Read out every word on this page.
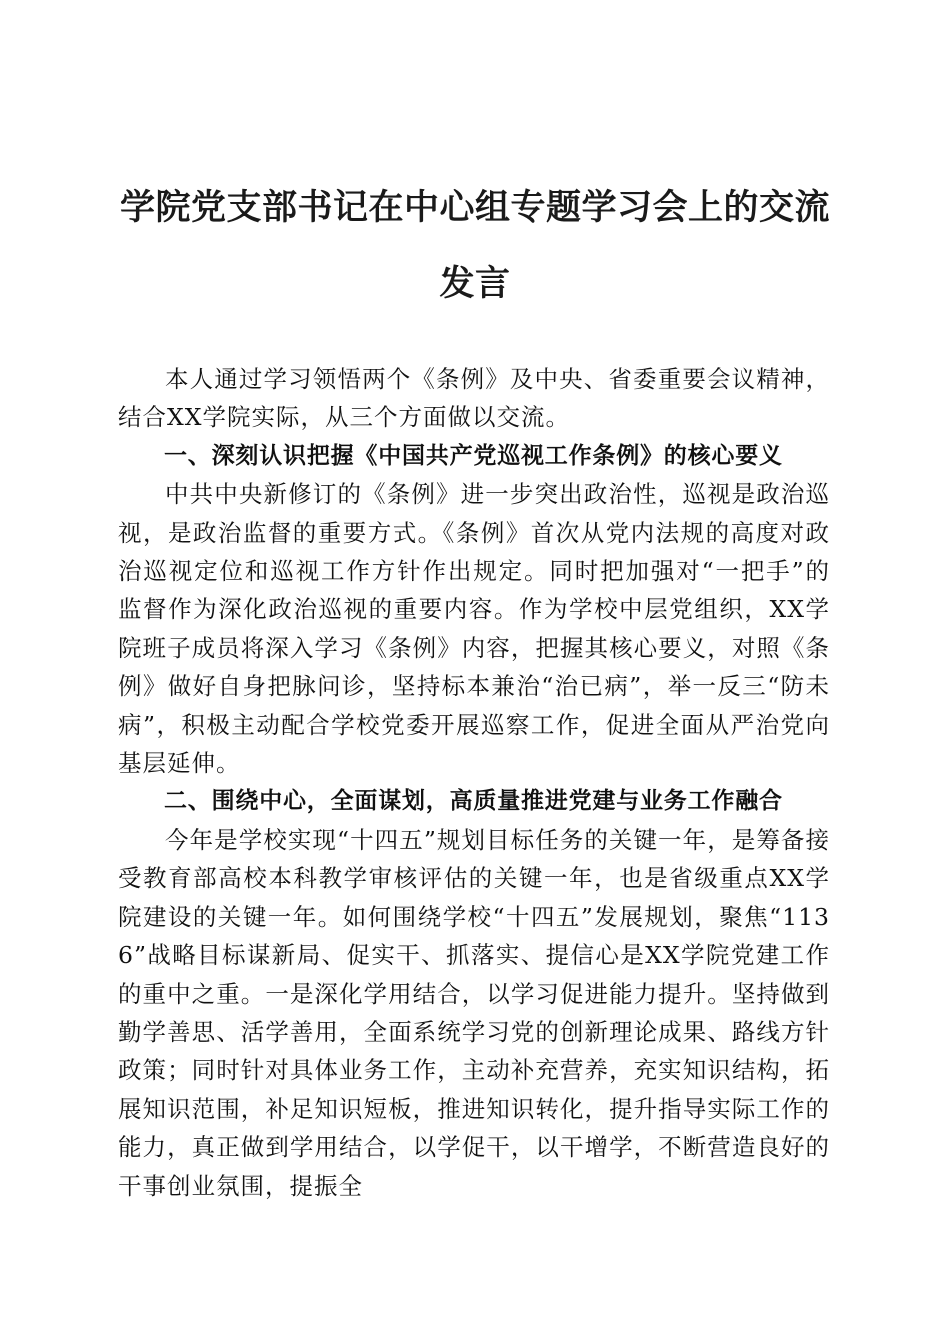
学院党支部书记在中心组专题学习会上的交流发言

本人通过学习领悟两个《条例》及中央、省委重要会议精神，结合XX学院实际，从三个方面做以交流。

一、深刻认识把握《中国共产党巡视工作条例》的核心要义

中共中央新修订的《条例》进一步突出政治性，巡视是政治巡视，是政治监督的重要方式。《条例》首次从党内法规的高度对政治巡视定位和巡视工作方针作出规定。同时把加强对“一把手”的监督作为深化政治巡视的重要内容。作为学校中层党组织，XX学院班子成员将深入学习《条例》内容，把握其核心要义，对照《条例》做好自身把脉问诊，坚持标本兼治“治已病”，举一反三“防未病”，积极主动配合学校党委开展巡察工作，促进全面从严治党向基层延伸。

二、围绕中心，全面谋划，高质量推进党建与业务工作融合

今年是学校实现“十四五”规划目标任务的关键一年，是筹备接受教育部高校本科教学审核评估的关键一年，也是省级重点XX学院建设的关键一年。如何围绕学校“十四五”发展规划，聚焦“1136”战略目标谋新局、促实干、抓落实、提信心是XX学院党建工作的重中之重。一是深化学用结合，以学习促进能力提升。坚持做到勤学善思、活学善用，全面系统学习党的创新理论成果、路线方针政策；同时针对具体业务工作，主动补充营养，充实知识结构，拓展知识范围，补足知识短板，推进知识转化，提升指导实际工作的能力，真正做到学用结合，以学促干，以干增学，不断营造良好的干事创业氛围，提振全
